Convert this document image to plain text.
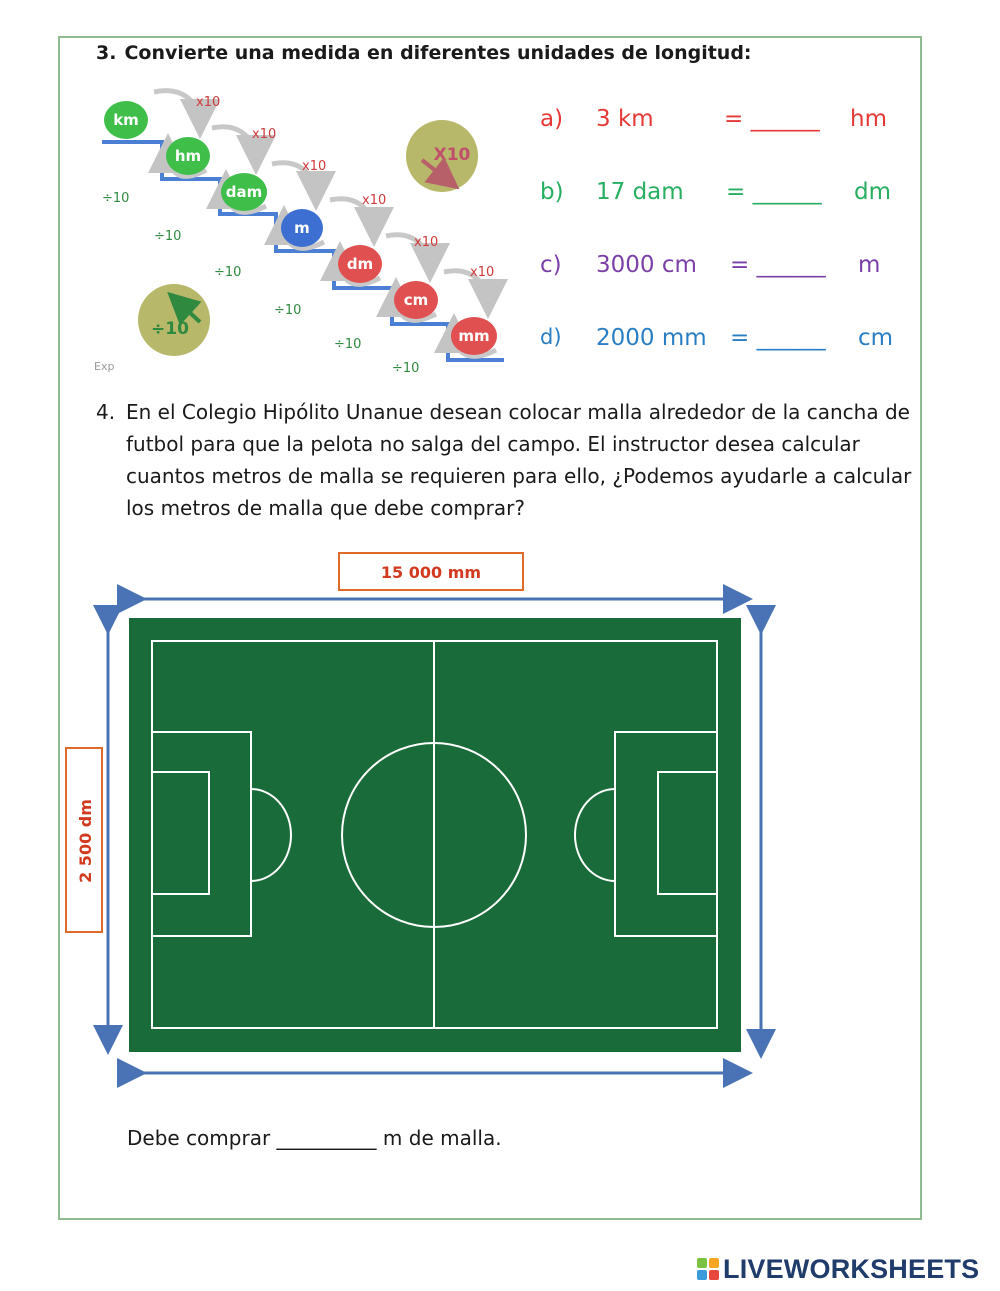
3. Convierte una medida en diferentes unidades de longitud:
x10
x10
x10
x10
x10
x10
÷10
÷10
÷10
÷10
÷10
÷10
km
hm
dam
m
dm
cm
mm
X10
÷10
Exp
a) 3 km	= ______ hm
b) 17 dam = ______ dm
c) 3000 cm = ______ m
d) 2000 mm = ______ cm
4. En el Colegio Hipólito Unanue desean colocar malla alrededor de la cancha de futbol para que la pelota no salga del campo. El instructor desea calcular cuantos metros de malla se requieren para ello, ¿Podemos ayudarle a calcular los metros de malla que debe comprar?
15 000 mm
2 500 dm
Debe comprar __________ m de malla.
LIVEWORKSHEETS
